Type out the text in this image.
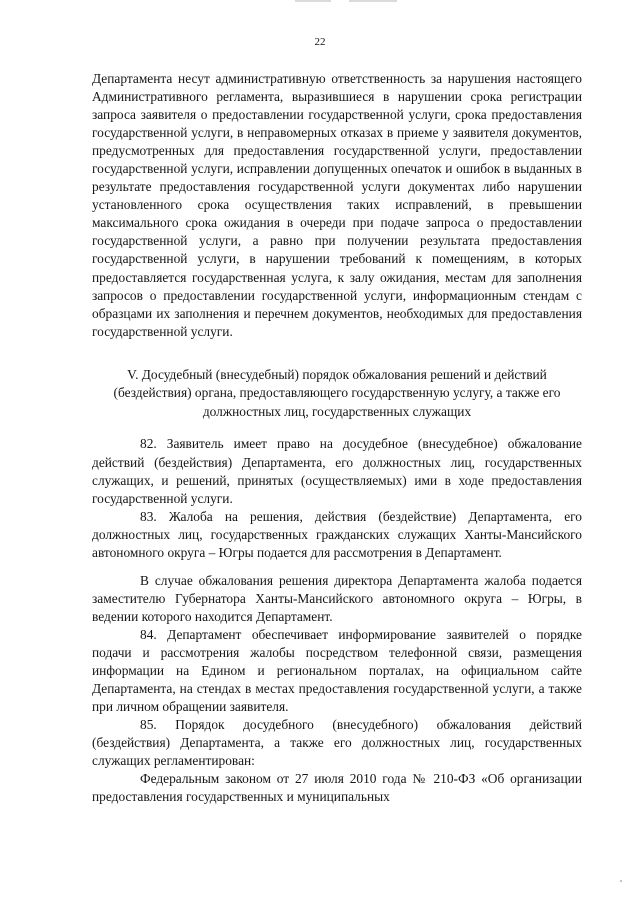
22

Департамента несут административную ответственность за нарушения настоящего Административного регламента, выразившиеся в нарушении срока регистрации запроса заявителя о предоставлении государственной услуги, срока предоставления государственной услуги, в неправомерных отказах в приеме у заявителя документов, предусмотренных для предоставления государственной услуги, предоставлении государственной услуги, исправлении допущенных опечаток и ошибок в выданных в результате предоставления государственной услуги документах либо нарушении установленного срока осуществления таких исправлений, в превышении максимального срока ожидания в очереди при подаче запроса о предоставлении государственной услуги, а равно при получении результата предоставления государственной услуги, в нарушении требований к помещениям, в которых предоставляется государственная услуга, к залу ожидания, местам для заполнения запросов о предоставлении государственной услуги, информационным стендам с образцами их заполнения и перечнем документов, необходимых для предоставления государственной услуги.

V. Досудебный (внесудебный) порядок обжалования решений и действий (бездействия) органа, предоставляющего государственную услугу, а также его должностных лиц, государственных служащих

82. Заявитель имеет право на досудебное (внесудебное) обжалование действий (бездействия) Департамента, его должностных лиц, государственных служащих, и решений, принятых (осуществляемых) ими в ходе предоставления государственной услуги.

83. Жалоба на решения, действия (бездействие) Департамента, его должностных лиц, государственных гражданских служащих Ханты-Мансийского автономного округа – Югры подается для рассмотрения в Департамент.

В случае обжалования решения директора Департамента жалоба подается заместителю Губернатора Ханты-Мансийского автономного округа – Югры, в ведении которого находится Департамент.

84. Департамент обеспечивает информирование заявителей о порядке подачи и рассмотрения жалобы посредством телефонной связи, размещения информации на Едином и региональном порталах, на официальном сайте Департамента, на стендах в местах предоставления государственной услуги, а также при личном обращении заявителя.

85. Порядок досудебного (внесудебного) обжалования действий (бездействия) Департамента, а также его должностных лиц, государственных служащих регламентирован:

Федеральным законом от 27 июля 2010 года № 210-ФЗ «Об организации предоставления государственных и муниципальных
